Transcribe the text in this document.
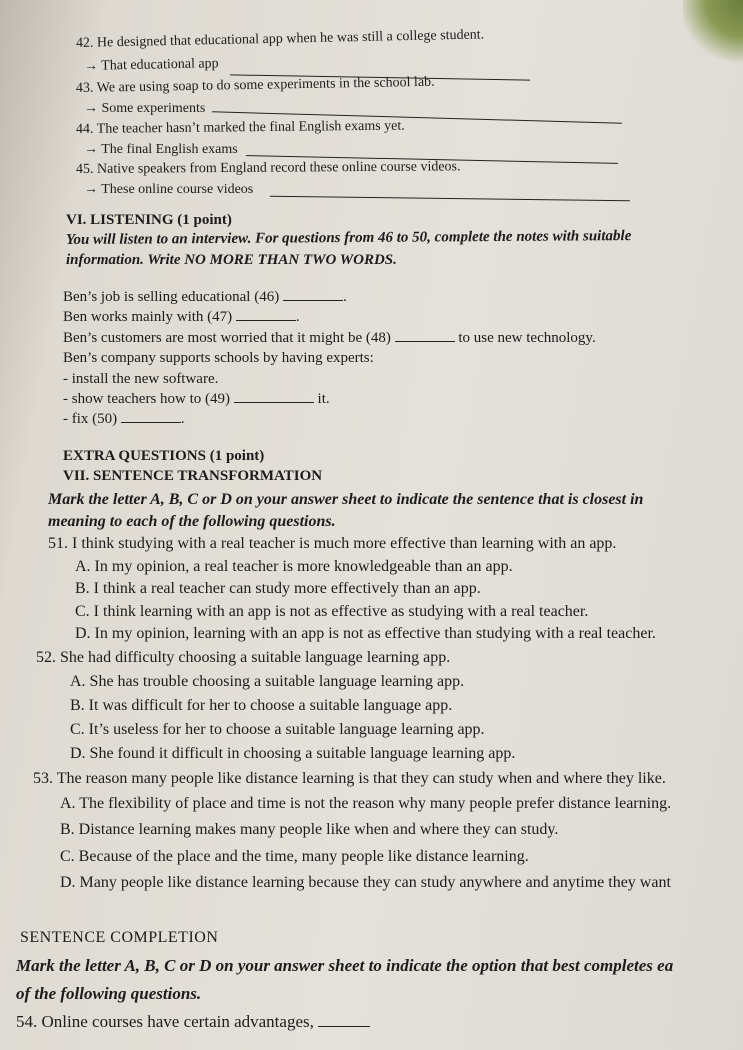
42. He designed that educational app when he was still a college student.
→ That educational app
43. We are using soap to do some experiments in the school lab.
→ Some experiments
44. The teacher hasn’t marked the final English exams yet.
→ The final English exams
45. Native speakers from England record these online course videos.
→ These online course videos
VI. LISTENING (1 point)
You will listen to an interview. For questions from 46 to 50, complete the notes with suitable
information. Write NO MORE THAN TWO WORDS.
Ben’s job is selling educational (46)	.
Ben works mainly with (47)	.
Ben’s customers are most worried that it might be (48)	to use new technology.
Ben’s company supports schools by having experts:
- install the new software.
- show teachers how to (49)	it.
- fix (50)	.
EXTRA QUESTIONS (1 point)
VII. SENTENCE TRANSFORMATION
Mark the letter A, B, C or D on your answer sheet to indicate the sentence that is closest in
meaning to each of the following questions.
51. I think studying with a real teacher is much more effective than learning with an app.
A. In my opinion, a real teacher is more knowledgeable than an app.
B. I think a real teacher can study more effectively than an app.
C. I think learning with an app is not as effective as studying with a real teacher.
D. In my opinion, learning with an app is not as effective than studying with a real teacher.
52. She had difficulty choosing a suitable language learning app.
A. She has trouble choosing a suitable language learning app.
B. It was difficult for her to choose a suitable language app.
C. It’s useless for her to choose a suitable language learning app.
D. She found it difficult in choosing a suitable language learning app.
53. The reason many people like distance learning is that they can study when and where they like.
A. The flexibility of place and time is not the reason why many people prefer distance learning.
B. Distance learning makes many people like when and where they can study.
C. Because of the place and the time, many people like distance learning.
D. Many people like distance learning because they can study anywhere and anytime they want
SENTENCE COMPLETION
Mark the letter A, B, C or D on your answer sheet to indicate the option that best completes ea
of the following questions.
54. Online courses have certain advantages,
